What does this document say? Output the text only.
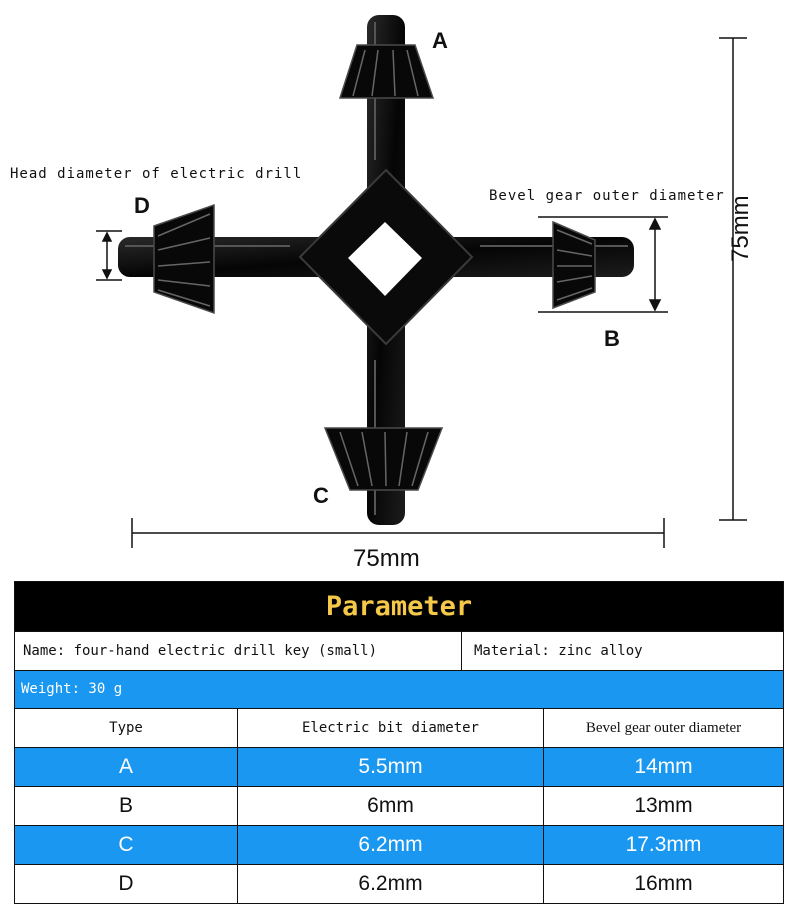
A
B
C
D
Head diameter of electric drill
Bevel gear outer diameter
75mm
75mm
Parameter
Name: four-hand electric drill key (small)	Material: zinc alloy
Weight: 30 g
Type	Electric bit diameter	Bevel gear outer diameter
A	5.5mm	14mm
B	6mm	13mm
C	6.2mm	17.3mm
D	6.2mm	16mm
